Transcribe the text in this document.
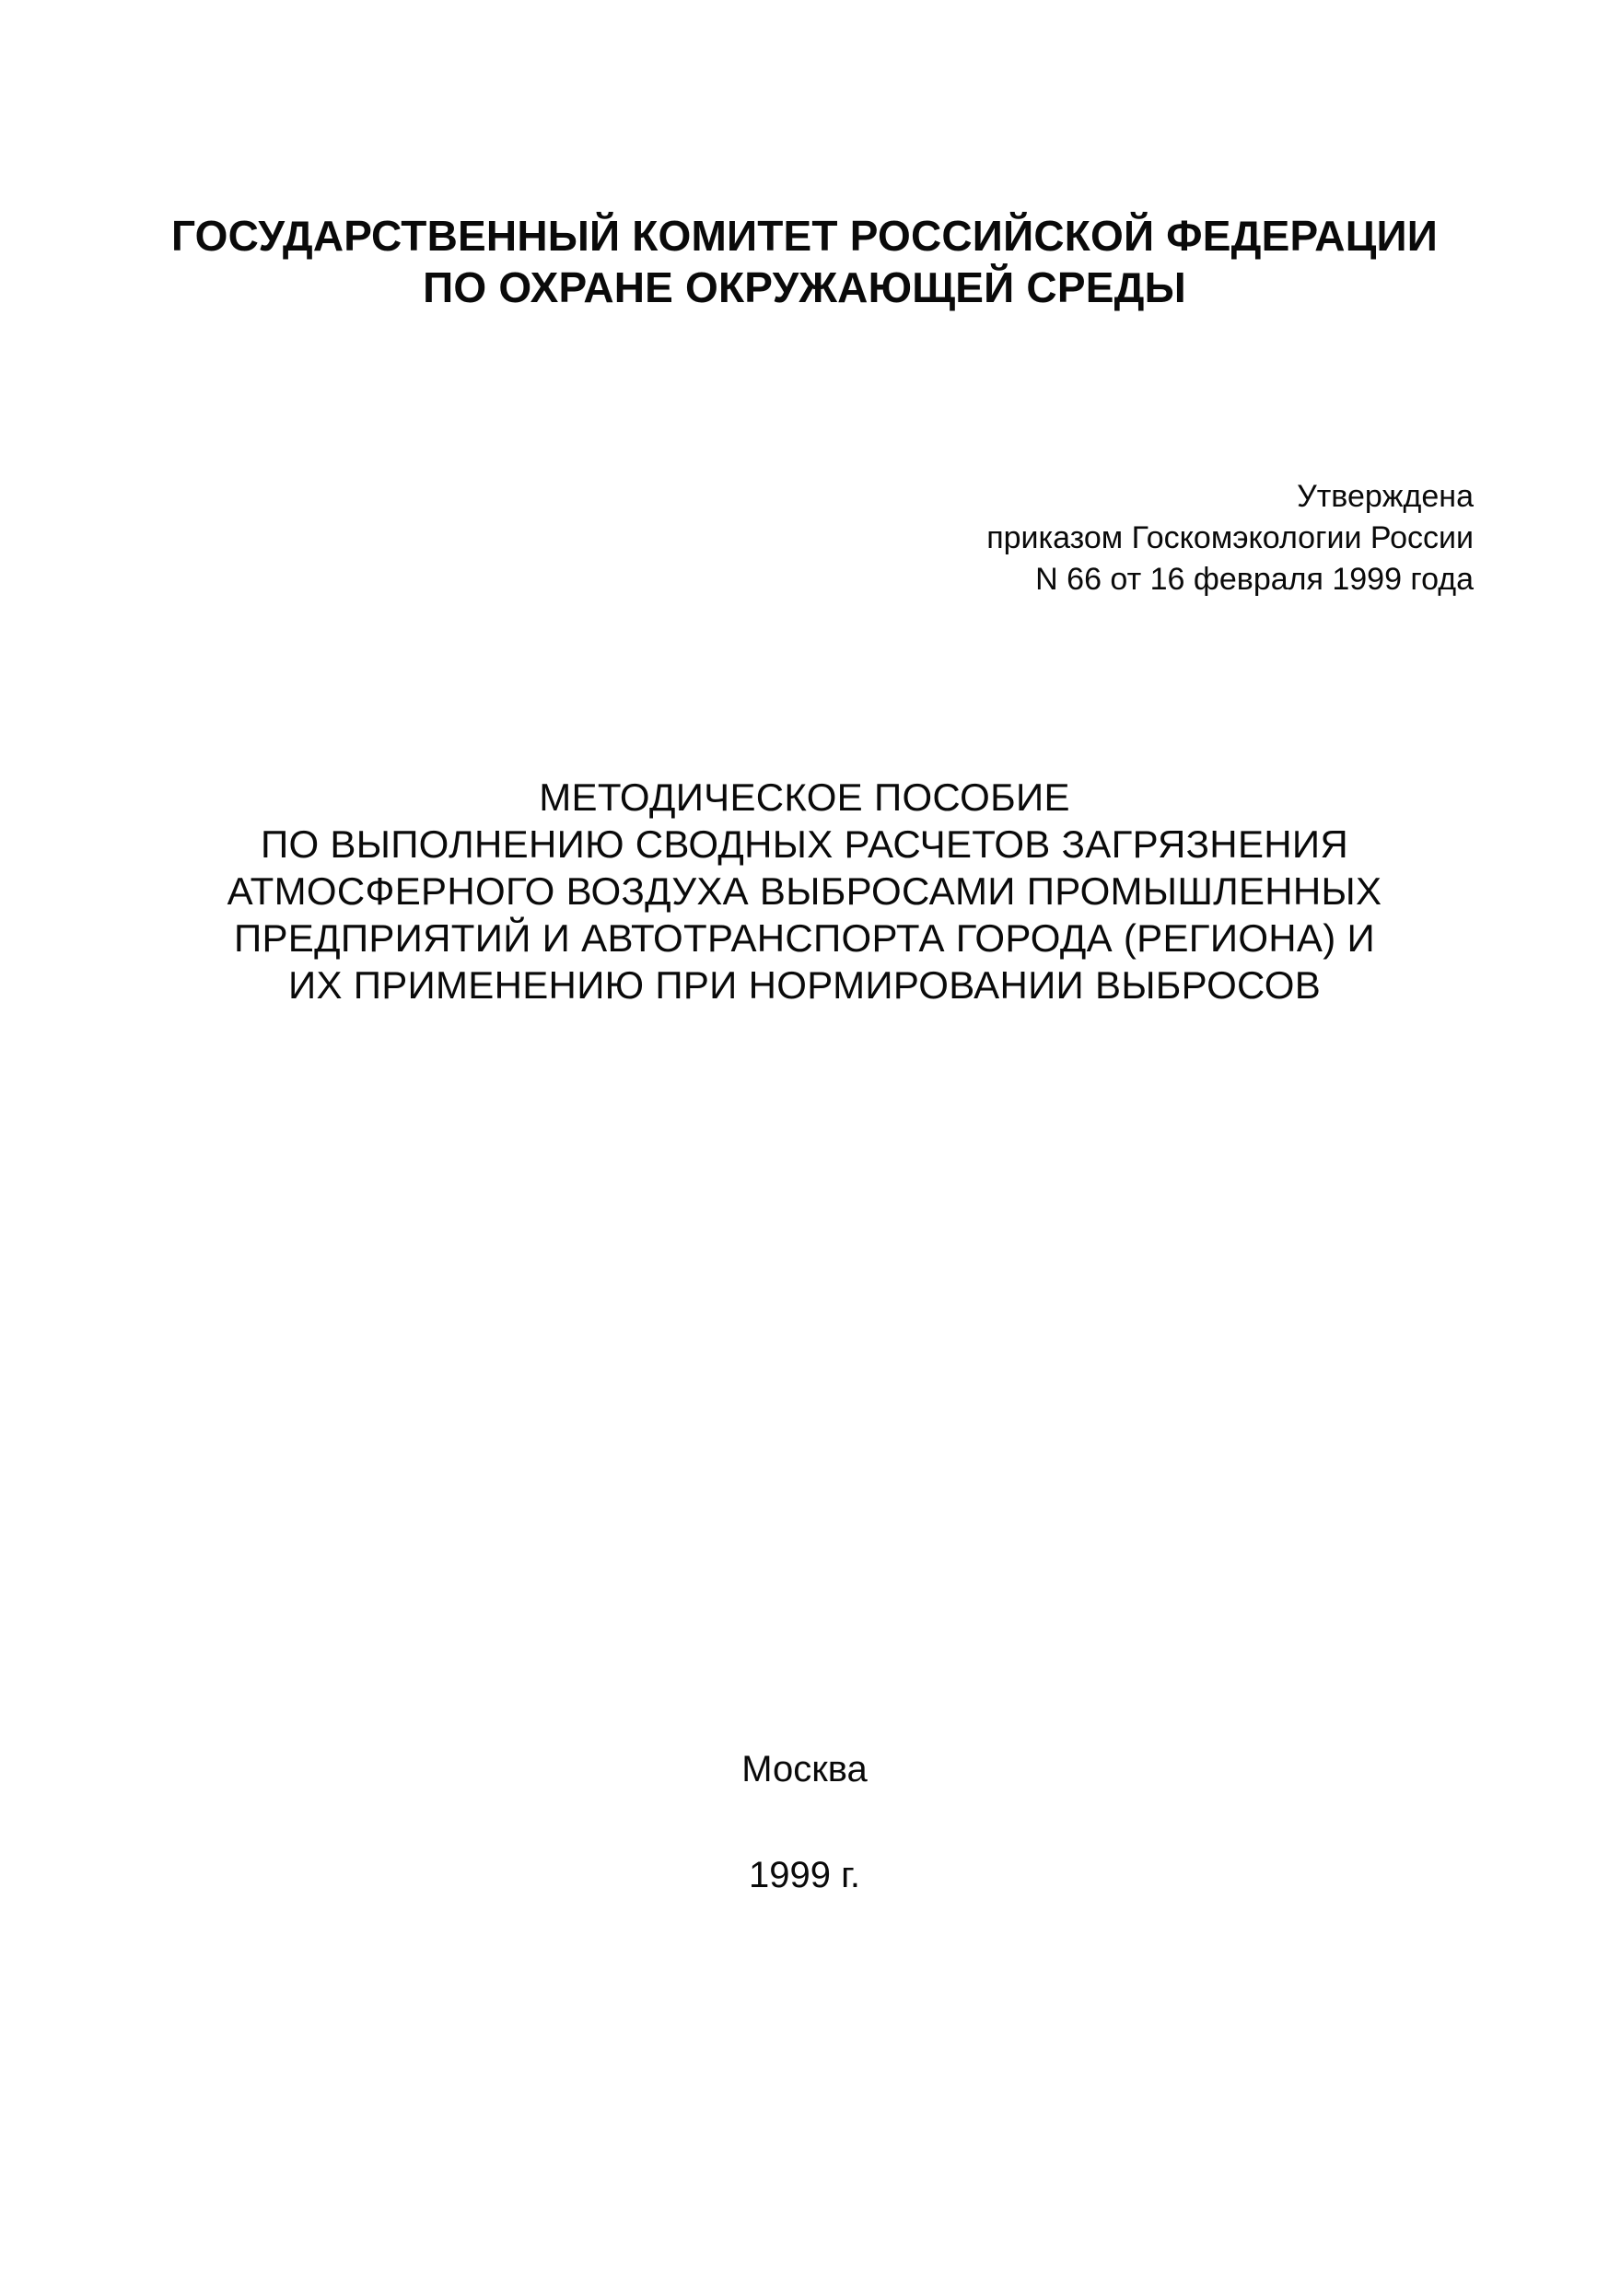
ГОСУДАРСТВЕННЫЙ КОМИТЕТ РОССИЙСКОЙ ФЕДЕРАЦИИ
ПО ОХРАНЕ ОКРУЖАЮЩЕЙ СРЕДЫ
Утверждена
приказом Госкомэкологии России
N 66 от 16 февраля 1999 года
МЕТОДИЧЕСКОЕ ПОСОБИЕ
ПО ВЫПОЛНЕНИЮ СВОДНЫХ РАСЧЕТОВ ЗАГРЯЗНЕНИЯ
АТМОСФЕРНОГО ВОЗДУХА ВЫБРОСАМИ ПРОМЫШЛЕННЫХ
ПРЕДПРИЯТИЙ И АВТОТРАНСПОРТА ГОРОДА (РЕГИОНА) И
ИХ ПРИМЕНЕНИЮ ПРИ НОРМИРОВАНИИ ВЫБРОСОВ
Москва
1999 г.
